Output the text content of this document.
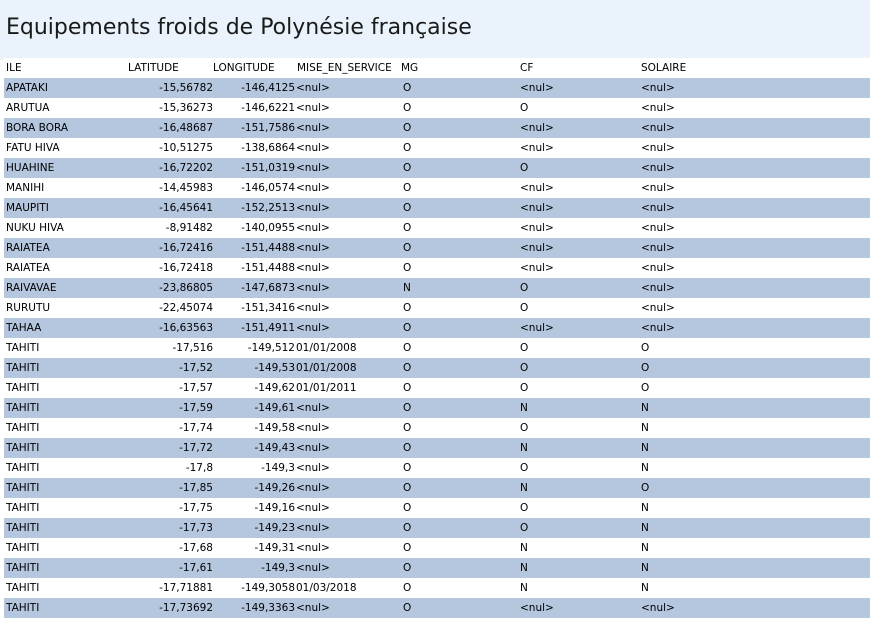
Equipements froids de Polynésie française
ILE	LATITUDE	LONGITUDE	MISE_EN_SERVICE	MG	CF	SOLAIRE
APATAKI	-15,56782	-146,4125	<nul>	O	<nul>	<nul>
ARUTUA	-15,36273	-146,6221	<nul>	O	O	<nul>
BORA BORA	-16,48687	-151,7586	<nul>	O	<nul>	<nul>
FATU HIVA	-10,51275	-138,6864	<nul>	O	<nul>	<nul>
HUAHINE	-16,72202	-151,0319	<nul>	O	O	<nul>
MANIHI	-14,45983	-146,0574	<nul>	O	<nul>	<nul>
MAUPITI	-16,45641	-152,2513	<nul>	O	<nul>	<nul>
NUKU HIVA	-8,91482	-140,0955	<nul>	O	<nul>	<nul>
RAIATEA	-16,72416	-151,4488	<nul>	O	<nul>	<nul>
RAIATEA	-16,72418	-151,4488	<nul>	O	<nul>	<nul>
RAIVAVAE	-23,86805	-147,6873	<nul>	N	O	<nul>
RURUTU	-22,45074	-151,3416	<nul>	O	O	<nul>
TAHAA	-16,63563	-151,4911	<nul>	O	<nul>	<nul>
TAHITI	-17,516	-149,512	01/01/2008	O	O	O
TAHITI	-17,52	-149,53	01/01/2008	O	O	O
TAHITI	-17,57	-149,62	01/01/2011	O	O	O
TAHITI	-17,59	-149,61	<nul>	O	N	N
TAHITI	-17,74	-149,58	<nul>	O	O	N
TAHITI	-17,72	-149,43	<nul>	O	N	N
TAHITI	-17,8	-149,3	<nul>	O	O	N
TAHITI	-17,85	-149,26	<nul>	O	N	O
TAHITI	-17,75	-149,16	<nul>	O	O	N
TAHITI	-17,73	-149,23	<nul>	O	O	N
TAHITI	-17,68	-149,31	<nul>	O	N	N
TAHITI	-17,61	-149,3	<nul>	O	N	N
TAHITI	-17,71881	-149,3058	01/03/2018	O	N	N
TAHITI	-17,73692	-149,3363	<nul>	O	<nul>	<nul>
